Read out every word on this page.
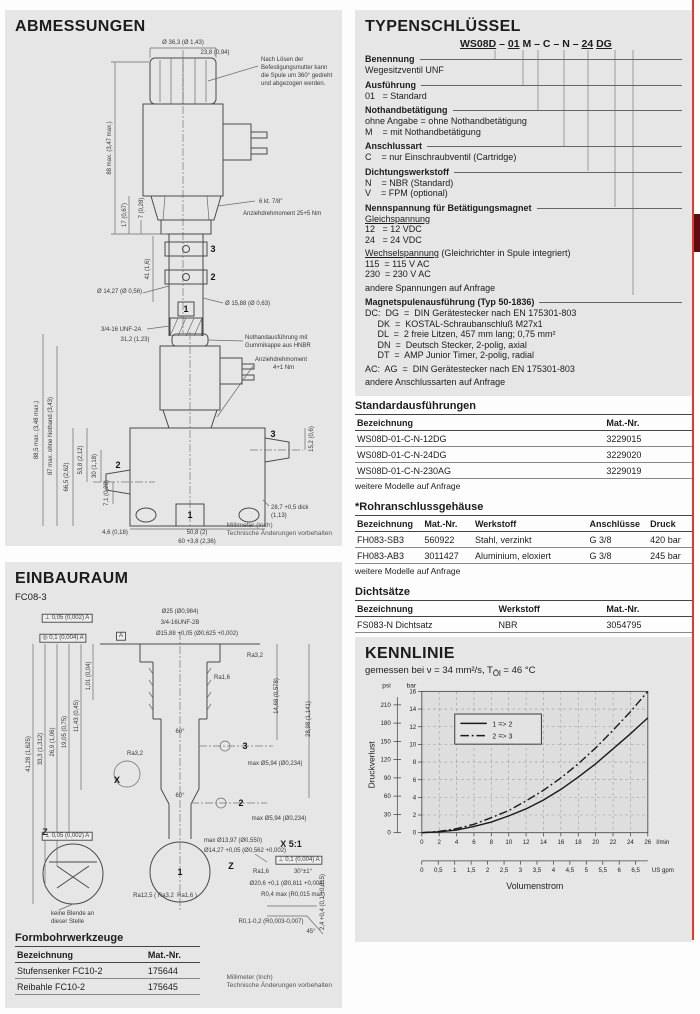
ABMESSUNGEN
Ø 36,3 (Ø 1,43)
23,8 (0,94)
Nach Lösen der
Befestigungsmutter kann
die Spule um 360° gedreht
und abgezogen werden.
88 max. (3,47 max.)
7 (0,28)
17 (0,67)
6 kt. 7/8"
Anziehdrehmoment 25+5 Nm
41 (1,6)
3
2
1
Ø 14,27 (Ø 0,56)
Ø 15,88 (Ø 0,63)
3/4-16 UNF-2A
31,2 (1,23)	Nothandausführung mit
Gummikappe aus HNBR
Anziehdrehmoment
4+1 Nm
88,5 max. (3,48 max.) 87 max. ohne Nothand (3,43)
66,5 (2,62)
53,8 (2,12) 30 (1,18)
7,1 (0,28)
3
2
1
15,2 (0,6)
28,7 +0,5 dick
(1,13)
4,6 (0,18)	50,8 (2)
60 +3,8 (2,36)
Millimeter (Inch)
Technische Änderungen vorbehalten
EINBAURAUM
FC08-3
Ø25 (Ø0,984)
3/4-16UNF-2B
Ø15,88 +0,05 (Ø0,625 +0,002)
⊥ 0,05 (0,002) A
◎ 0,1 (0,004) A	A
41,28 (1,625) 33,3 (1,312) 26,9 (1,06) 19,05 (0,75) 11,43 (0,45)
1,01 (0,04)
14,68 (0,578)
28,98 (1,141)
Ra3,2
Ra1,6
Ra3,2
60°
60°
3
2
1
max Ø5,94 (Ø0,234)
max Ø5,94 (Ø0,234)
X
Z
max Ø13,97 (Ø0,550)
Ø14,27 +0,05 (Ø0,562 +0,002)
⊥ 0,05 (0,002) A
Z
keine Blende an
dieser Stelle
Ra12,5 ( Ra3,2  Ra1,6 )
X 5:1
⊥ 0,1 (0,004) A
30°±1°
Ø20,6 +0,1 (Ø0,811 +0,004)
R0,4 max (R0,015 max)
Ra1,6
R0,1-0,2 (R0,003-0,007)	2,4 +0,4 (0,1 +0,015)
45°
Formbohrwerkzeuge
Bezeichnung	Mat.-Nr.
Stufensenker FC10-2	175644
Reibahle FC10-2	175645
Millimeter (Inch)
Technische Änderungen vorbehalten
TYPENSCHLÜSSEL
WS08D – 01 M – C – N – 24 DG
Benennung
Wegesitzventil UNF
Ausführung
01   = Standard
Nothandbetätigung
ohne Angabe = ohne Nothandbetätigung
M    = mit Nothandbetätigung
Anschlussart
C    = nur Einschraubventil (Cartridge)
Dichtungswerkstoff
N    = NBR (Standard)
V    = FPM (optional)
Nennspannung für Betätigungsmagnet
Gleichspannung
12   = 12 VDC
24   = 24 VDC
Wechselspannung (Gleichrichter in Spule integriert)
115  = 115 V AC
230  = 230 V AC
andere Spannungen auf Anfrage
Magnetspulenausführung (Typ 50-1836)
DC:  DG  =  DIN Gerätestecker nach EN 175301-803
DK  =  KOSTAL-Schraubanschluß M27x1
DL  =  2 freie Litzen, 457 mm lang; 0,75 mm²
DN  =  Deutsch Stecker, 2-polig, axial
DT  =  AMP Junior Timer, 2-polig, radial
AC:  AG  =  DIN Gerätestecker nach EN 175301-803
andere Anschlussarten auf Anfrage
Standardausführungen
Bezeichnung	Mat.-Nr.
WS08D-01-C-N-12DG	3229015
WS08D-01-C-N-24DG	3229020
WS08D-01-C-N-230AG	3229019
weitere Modelle auf Anfrage
*Rohranschlussgehäuse
Bezeichnung	Mat.-Nr.	Werkstoff	Anschlüsse	Druck
FH083-SB3	560922	Stahl, verzinkt	G 3/8	420 bar
FH083-AB3	3011427	Aluminium, eloxiert	G 3/8	245 bar
weitere Modelle auf Anfrage
Dichtsätze
Bezeichnung	Werkstoff	Mat.-Nr.
FS083-N Dichtsatz	NBR	3054795

KENNLINIE
gemessen bei ν = 34 mm²/s, $T_{Öl} = 46$ °C
0
2
4
6
8
10
12
14
16
bar
0
30
60
90
120
150
180
210
psi
0 2 4 6 8 10 12 14 16 18 20 22 24 26 l/min
0 0,5 1 1,5 2 2,5 3 3,5 4 4,5 5 5,5 6 6,5 US gpm
Druckverlust
Volumenstrom
1 => 2
2 => 3
